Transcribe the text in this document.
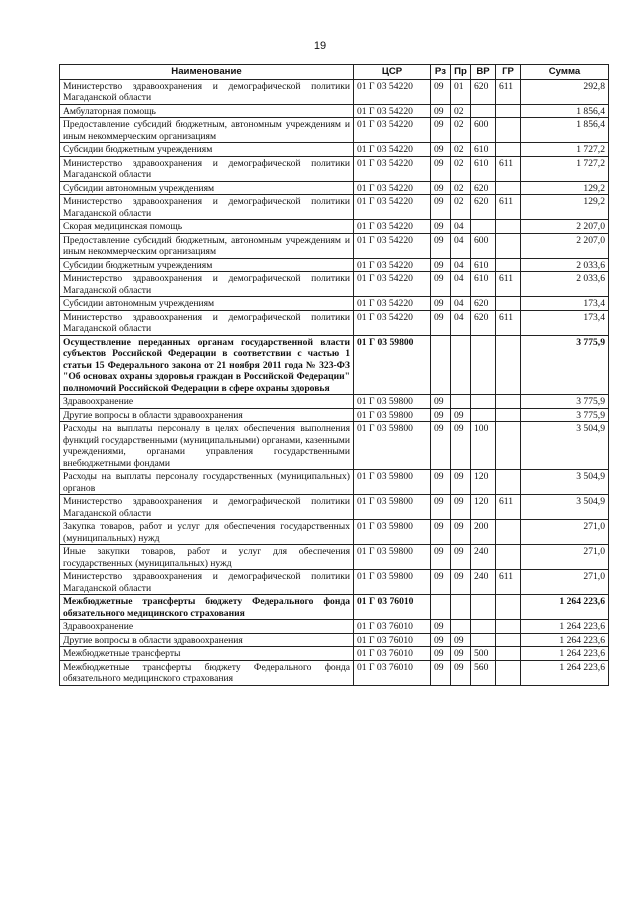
19
Наименование	ЦСР	Рз	Пр	ВР	ГР	Сумма
Министерство здравоохранения и демографической политики Магаданской области	01 Г 03 54220	09	01	620	611	292,8
Амбулаторная помощь	01 Г 03 54220	09	02			1 856,4
Предоставление субсидий бюджетным, автономным учреждениям и иным некоммерческим организациям	01 Г 03 54220	09	02	600		1 856,4
Субсидии бюджетным учреждениям	01 Г 03 54220	09	02	610		1 727,2
Министерство здравоохранения и демографической политики Магаданской области	01 Г 03 54220	09	02	610	611	1 727,2
Субсидии автономным учреждениям	01 Г 03 54220	09	02	620		129,2
Министерство здравоохранения и демографической политики Магаданской области	01 Г 03 54220	09	02	620	611	129,2
Скорая медицинская помощь	01 Г 03 54220	09	04			2 207,0
Предоставление субсидий бюджетным, автономным учреждениям и иным некоммерческим организациям	01 Г 03 54220	09	04	600		2 207,0
Субсидии бюджетным учреждениям	01 Г 03 54220	09	04	610		2 033,6
Министерство здравоохранения и демографической политики Магаданской области	01 Г 03 54220	09	04	610	611	2 033,6
Субсидии автономным учреждениям	01 Г 03 54220	09	04	620		173,4
Министерство здравоохранения и демографической политики Магаданской области	01 Г 03 54220	09	04	620	611	173,4
Осуществление переданных органам государственной власти субъектов Российской Федерации в соответствии с частью 1 статьи 15 Федерального закона от 21 ноября 2011 года № 323-ФЗ "Об основах охраны здоровья граждан в Российской Федерации" полномочий Российской Федерации в сфере охраны здоровья	01 Г 03 59800					3 775,9
Здравоохранение	01 Г 03 59800	09				3 775,9
Другие вопросы в области здравоохранения	01 Г 03 59800	09	09			3 775,9
Расходы на выплаты персоналу в целях обеспечения выполнения функций государственными (муниципальными) органами, казенными учреждениями, органами управления государственными внебюджетными фондами	01 Г 03 59800	09	09	100		3 504,9
Расходы на выплаты персоналу государственных (муниципальных) органов	01 Г 03 59800	09	09	120		3 504,9
Министерство здравоохранения и демографической политики Магаданской области	01 Г 03 59800	09	09	120	611	3 504,9
Закупка товаров, работ и услуг для обеспечения государственных (муниципальных) нужд	01 Г 03 59800	09	09	200		271,0
Иные закупки товаров, работ и услуг для обеспечения государственных (муниципальных) нужд	01 Г 03 59800	09	09	240		271,0
Министерство здравоохранения и демографической политики Магаданской области	01 Г 03 59800	09	09	240	611	271,0
Межбюджетные трансферты бюджету Федерального фонда обязательного медицинского страхования	01 Г 03 76010					1 264 223,6
Здравоохранение	01 Г 03 76010	09				1 264 223,6
Другие вопросы в области здравоохранения	01 Г 03 76010	09	09			1 264 223,6
Межбюджетные трансферты	01 Г 03 76010	09	09	500		1 264 223,6
Межбюджетные трансферты бюджету Федерального фонда обязательного медицинского страхования	01 Г 03 76010	09	09	560		1 264 223,6
